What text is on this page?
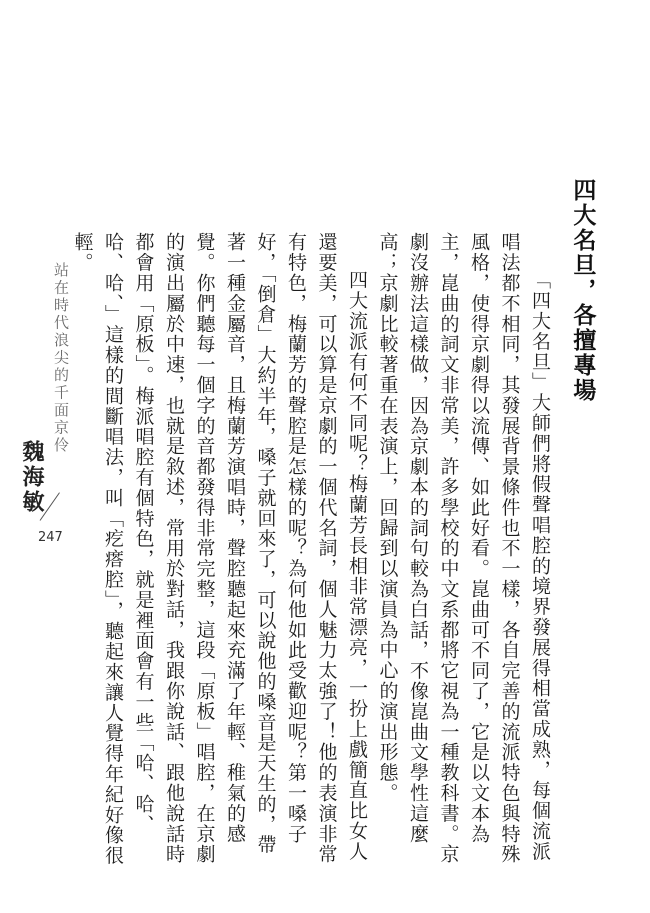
四大名旦，各擅專場

「四大名旦」大師們將假聲唱腔的境界發展得相當成熟，每個流派唱法都不相同，其發展背景條件也不一樣，各自完善的流派特色與特殊風格，使得京劇得以流傳、如此好看。崑曲可不同了，它是以文本為主，崑曲的詞文非常美，許多學校的中文系都將它視為一種教科書。京劇沒辦法這樣做，因為京劇本的詞句較為白話，不像崑曲文學性這麼高；京劇比較著重在表演上，回歸到以演員為中心的演出形態。

四大流派有何不同呢？梅蘭芳長相非常漂亮，一扮上戲簡直比女人還要美，可以算是京劇的一個代名詞，個人魅力太強了！他的表演非常有特色，梅蘭芳的聲腔是怎樣的呢？為何他如此受歡迎呢？第一嗓子好，「倒倉」大約半年，嗓子就回來了，可以說他的嗓音是天生的，帶著一種金屬音，且梅蘭芳演唱時，聲腔聽起來充滿了年輕、稚氣的感覺。你們聽每一個字的音都發得非常完整，這段「原板」唱腔，在京劇的演出屬於中速，也就是敘述，常用於對話，我跟你說話、跟他說話時都會用「原板」。梅派唱腔有個特色，就是裡面會有一些「哈、哈、哈、哈、」這樣的間斷唱法，叫「疙瘩腔」，聽起來讓人覺得年紀好像很輕。

站在時代浪尖的千面京伶
魏海敏
247
